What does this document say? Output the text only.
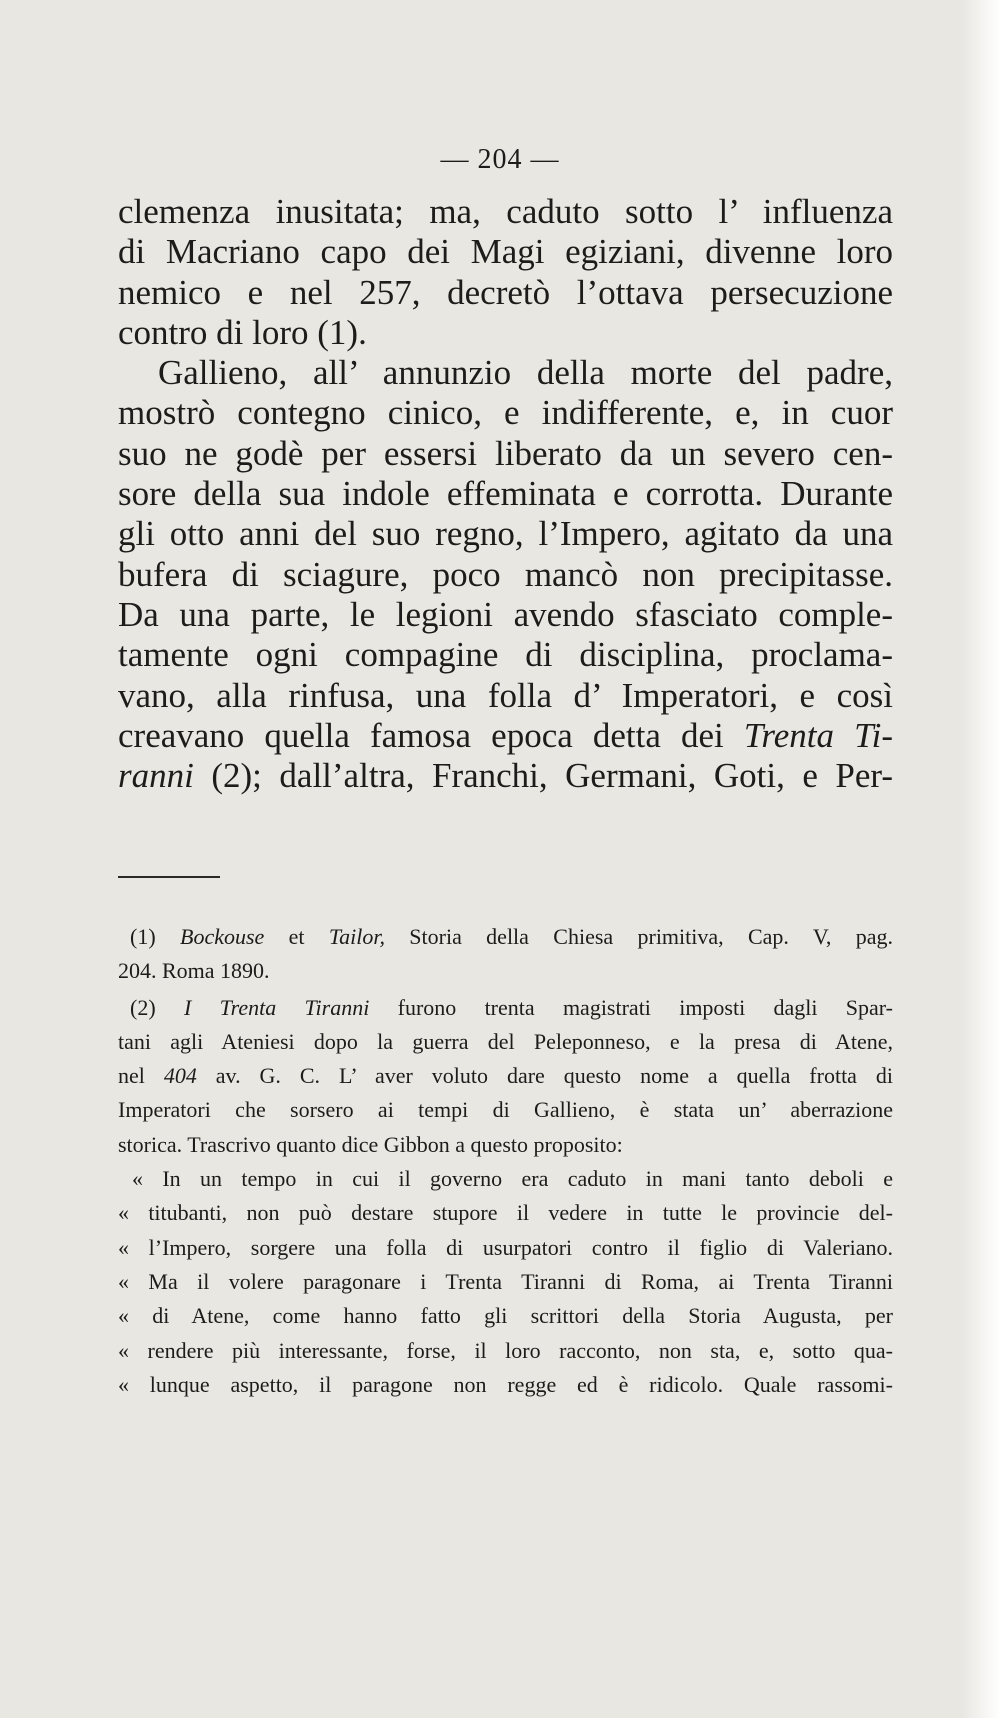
— 204 —
clemenza inusitata; ma, caduto sotto l’ influenza
di Macriano capo dei Magi egiziani, divenne loro
nemico e nel 257, decretò l’ottava persecuzione
contro di loro (1).
Gallieno, all’ annunzio della morte del padre,
mostrò contegno cinico, e indifferente, e, in cuor
suo ne godè per essersi liberato da un severo cen-
sore della sua indole effeminata e corrotta. Durante
gli otto anni del suo regno, l’Impero, agitato da una
bufera di sciagure, poco mancò non precipitasse.
Da una parte, le legioni avendo sfasciato comple-
tamente ogni compagine di disciplina, proclama-
vano, alla rinfusa, una folla d’ Imperatori, e così
creavano quella famosa epoca detta dei Trenta Ti-
ranni (2); dall’altra, Franchi, Germani, Goti, e Per-
(1) Bockouse et Tailor, Storia della Chiesa primitiva, Cap. V, pag.
204. Roma 1890.
(2) I Trenta Tiranni furono trenta magistrati imposti dagli Spar-
tani agli Ateniesi dopo la guerra del Peleponneso, e la presa di Atene,
nel 404 av. G. C. L’ aver voluto dare questo nome a quella frotta di
Imperatori che sorsero ai tempi di Gallieno, è stata un’ aberrazione
storica. Trascrivo quanto dice Gibbon a questo proposito:
« In un tempo in cui il governo era caduto in mani tanto deboli e
« titubanti, non può destare stupore il vedere in tutte le provincie del-
« l’Impero, sorgere una folla di usurpatori contro il figlio di Valeriano.
« Ma il volere paragonare i Trenta Tiranni di Roma, ai Trenta Tiranni
« di Atene, come hanno fatto gli scrittori della Storia Augusta, per
« rendere più interessante, forse, il loro racconto, non sta, e, sotto qua-
« lunque aspetto, il paragone non regge ed è ridicolo. Quale rassomi-
